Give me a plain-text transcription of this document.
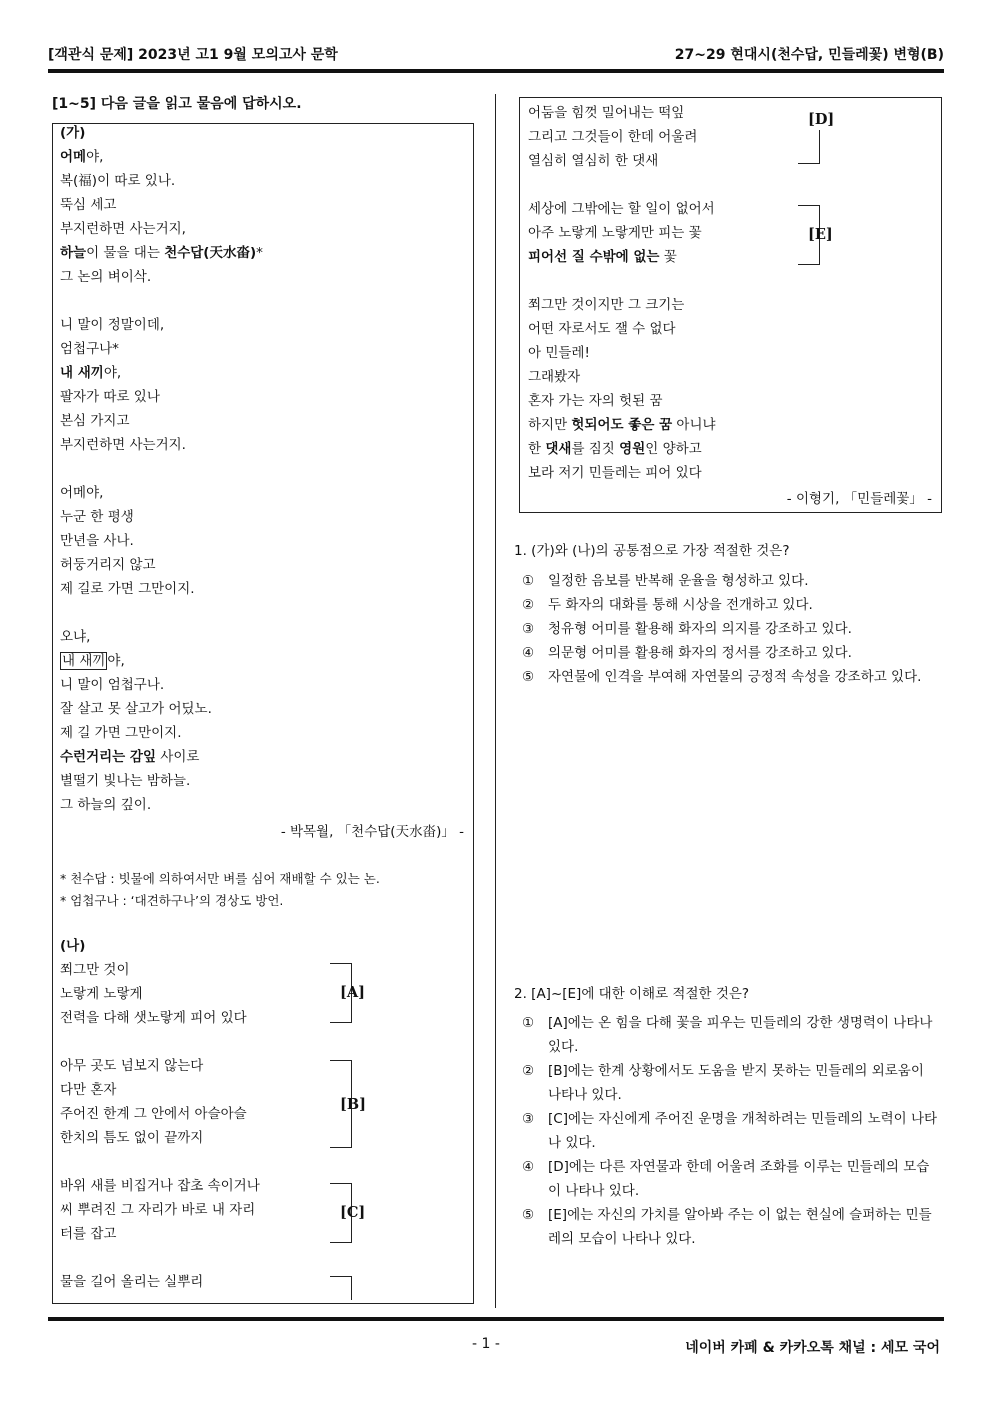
[객관식 문제] 2023년 고1 9월 모의고사 문학	27~29 현대시(천수답, 민들레꽃) 변형(B)
[1~5] 다음 글을 읽고 물음에 답하시오.
(가)
어메야,
복(福)이 따로 있나.
뚝심 세고
부지런하면 사는거지,
하늘이 물을 대는 천수답(天水畓)*
그 논의 벼이삭.
니 말이 정말이데,
엄첩구나*
내 새끼야,
팔자가 따로 있나
본심 가지고
부지런하면 사는거지.
어메야,
누군 한 평생
만년을 사나.
허둥거리지 않고
제 길로 가면 그만이지.
오냐,
내 새끼 야,
니 말이 엄첩구나.
잘 살고 못 살고가 어딨노.
제 길 가면 그만이지.
수런거리는 감잎 사이로
별떨기 빛나는 밤하늘.
그 하늘의 깊이.
- 박목월, 「천수답(天水畓)」 -
* 천수답 : 빗물에 의하여서만 벼를 심어 재배할 수 있는 논.
* 엄첩구나 : ‘대견하구나’의 경상도 방언.
(나)
쬐그만 것이
노랗게 노랗게
전력을 다해 샛노랗게 피어 있다
아무 곳도 넘보지 않는다
다만 혼자
주어진 한계 그 안에서 아슬아슬
한치의 틈도 없이 끝까지
바위 새를 비집거나 잡초 속이거나
씨 뿌려진 그 자리가 바로 내 자리
터를 잡고
물을 길어 올리는 실뿌리
[A]
[B]
[C]
어둠을 힘껏 밀어내는 떡잎
그리고 그것들이 한데 어울려
열심히 열심히 한 댓새
세상에 그밖에는 할 일이 없어서
아주 노랗게 노랗게만 피는 꽃
피어선 질 수밖에 없는 꽃
쬐그만 것이지만 그 크기는
어떤 자로서도 잴 수 없다
아 민들레!
그래봤자
혼자 가는 자의 헛된 꿈
하지만 헛되어도 좋은 꿈 아니냐
한 댓새를 짐짓 영원인 양하고
보라 저기 민들레는 피어 있다
[D]
[E]
- 이형기, 「민들레꽃」 -
1. (가)와 (나)의 공통점으로 가장 적절한 것은?
① 일정한 음보를 반복해 운율을 형성하고 있다.
② 두 화자의 대화를 통해 시상을 전개하고 있다.
③ 청유형 어미를 활용해 화자의 의지를 강조하고 있다.
④ 의문형 어미를 활용해 화자의 정서를 강조하고 있다.
⑤ 자연물에 인격을 부여해 자연물의 긍정적 속성을 강조하고 있다.
2. [A]~[E]에 대한 이해로 적절한 것은?
① [A]에는 온 힘을 다해 꽃을 피우는 민들레의 강한 생명력이 나타나 있다.
② [B]에는 한계 상황에서도 도움을 받지 못하는 민들레의 외로움이 나타나 있다.
③ [C]에는 자신에게 주어진 운명을 개척하려는 민들레의 노력이 나타나 있다.
④ [D]에는 다른 자연물과 한데 어울려 조화를 이루는 민들레의 모습이 나타나 있다.
⑤ [E]에는 자신의 가치를 알아봐 주는 이 없는 현실에 슬퍼하는 민들레의 모습이 나타나 있다.
- 1 -	네이버 카페 & 카카오톡 채널 : 세모 국어
